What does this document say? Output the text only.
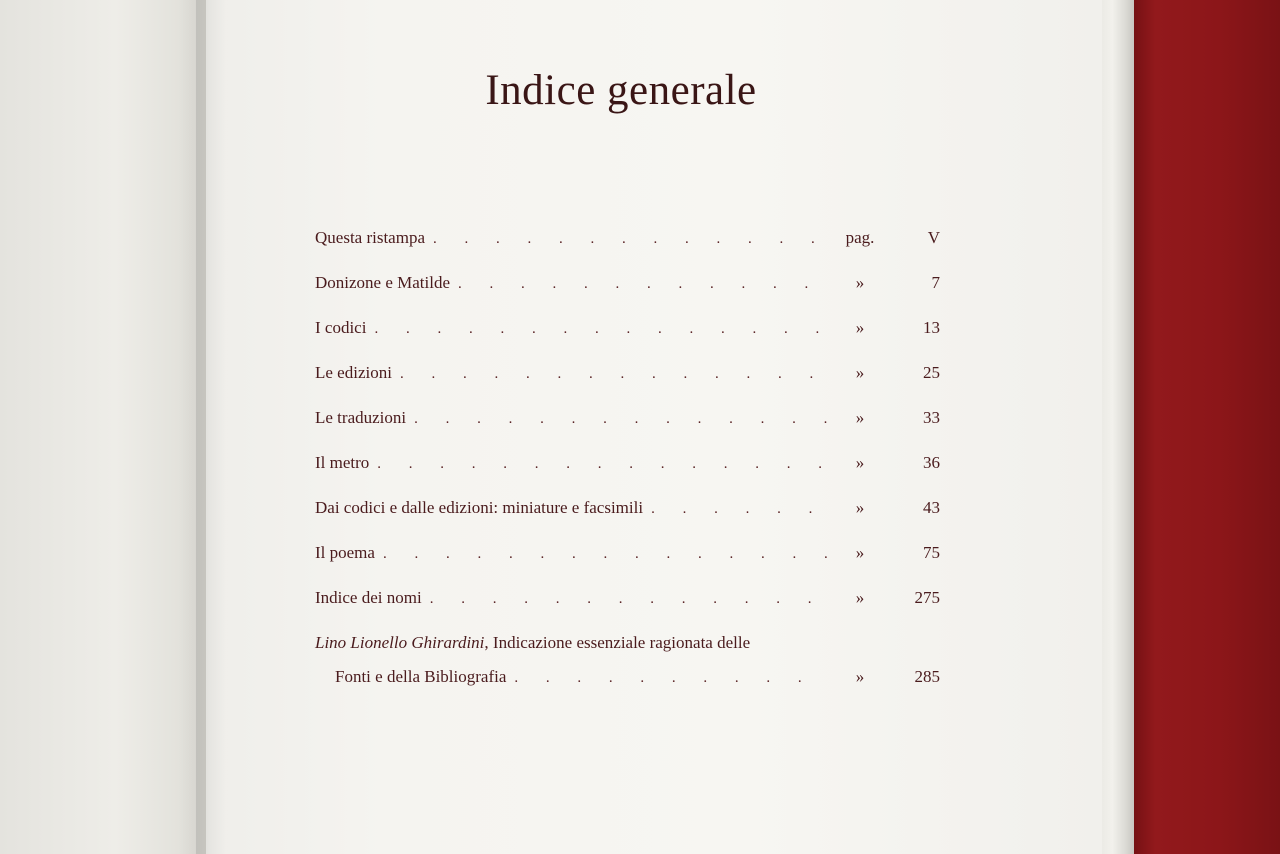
Indice generale
Questa ristampa . . .	pag.	V
Donizone e Matilde . . .	»	7
I codici . . .	»	13
Le edizioni . . .	»	25
Le traduzioni . . .	»	33
Il metro . . .	»	36
Dai codici e dalle edizioni: miniature e facsimili . . .	»	43
Il poema . . .	»	75
Indice dei nomi . . .	»	275
Lino Lionello Ghirardini, Indicazione essenziale ragionata delle
Fonti e della Bibliografia . . .	»	285
